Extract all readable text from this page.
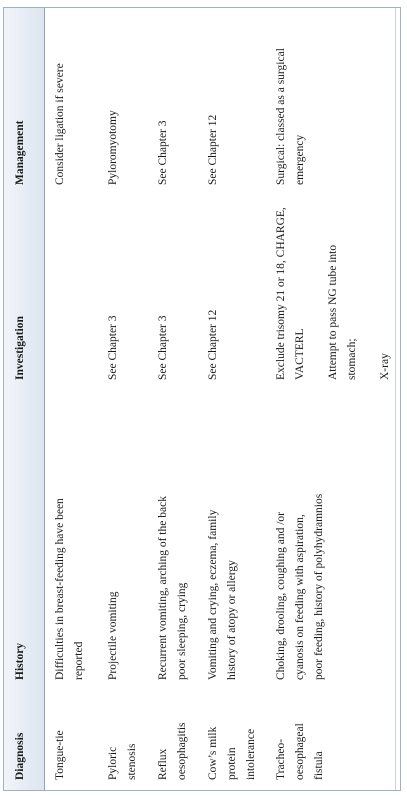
Diagnosis
History
Investigation
Management
Tongue-tie
Difficulties in breast-feeding have been reported
Consider ligation if severe
Pyloric stenosis
Projectile vomiting
See Chapter 3
Pyloromyotomy
Reflux oesophagitis
Recurrent vomiting, arching of the back poor sleeping, crying
See Chapter 3
See Chapter 3
Cow’s milk protein intolerance
Vomiting and crying, eczema, family history of atopy or allergy
See Chapter 12
See Chapter 12
Tracheo- oesophageal fistula
Choking, drooling, coughing and /or cyanosis on feeding with aspiration, poor feeding, history of polyhydramnios
Exclude trisomy 21 or 18, CHARGE, VACTERL	Attempt to pass NG tube into stomach;	X-ray
Surgical: classed as a surgical emergency
